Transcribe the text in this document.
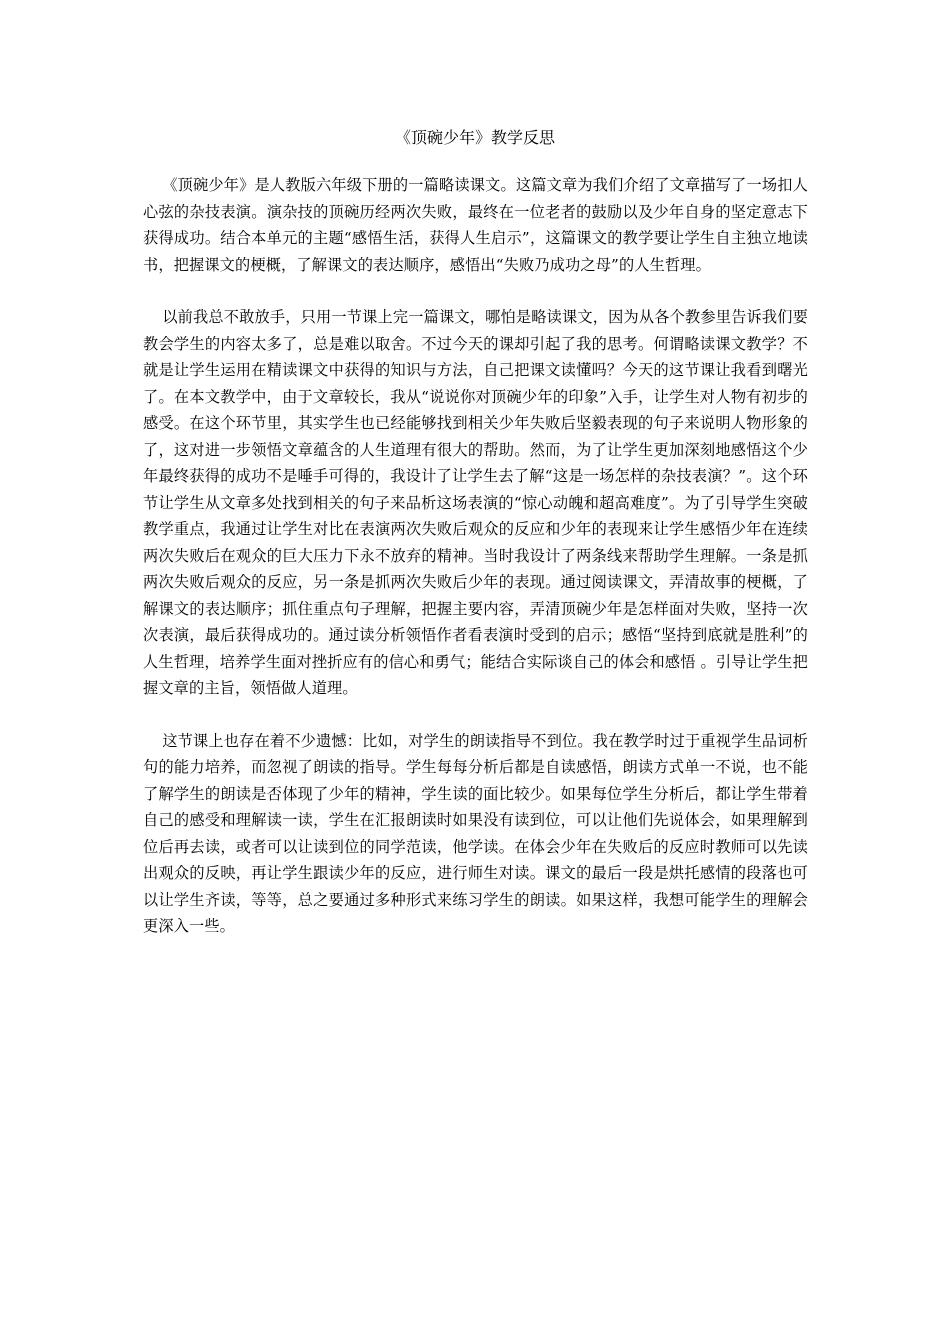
《顶碗少年》教学反思

《顶碗少年》是人教版六年级下册的一篇略读课文。这篇文章为我们介绍了文章描写了一场扣人心弦的杂技表演。演杂技的顶碗历经两次失败，最终在一位老者的鼓励以及少年自身的坚定意志下获得成功。结合本单元的主题“感悟生活，获得人生启示”，这篇课文的教学要让学生自主独立地读书，把握课文的梗概，了解课文的表达顺序，感悟出“失败乃成功之母”的人生哲理。

以前我总不敢放手，只用一节课上完一篇课文，哪怕是略读课文，因为从各个教参里告诉我们要教会学生的内容太多了，总是难以取舍。不过今天的课却引起了我的思考。何谓略读课文教学？不就是让学生运用在精读课文中获得的知识与方法，自己把课文读懂吗？今天的这节课让我看到曙光了。在本文教学中，由于文章较长，我从“说说你对顶碗少年的印象”入手，让学生对人物有初步的感受。在这个环节里，其实学生也已经能够找到相关少年失败后坚毅表现的句子来说明人物形象的了，这对进一步领悟文章蕴含的人生道理有很大的帮助。然而，为了让学生更加深刻地感悟这个少年最终获得的成功不是唾手可得的，我设计了让学生去了解“这是一场怎样的杂技表演？”。这个环节让学生从文章多处找到相关的句子来品析这场表演的“惊心动魄和超高难度”。为了引导学生突破教学重点，我通过让学生对比在表演两次失败后观众的反应和少年的表现来让学生感悟少年在连续两次失败后在观众的巨大压力下永不放弃的精神。当时我设计了两条线来帮助学生理解。一条是抓两次失败后观众的反应，另一条是抓两次失败后少年的表现。通过阅读课文，弄清故事的梗概，了解课文的表达顺序；抓住重点句子理解，把握主要内容，弄清顶碗少年是怎样面对失败，坚持一次次表演，最后获得成功的。通过读分析领悟作者看表演时受到的启示；感悟“坚持到底就是胜利”的人生哲理，培养学生面对挫折应有的信心和勇气；能结合实际谈自己的体会和感悟 。引导让学生把握文章的主旨，领悟做人道理。

这节课上也存在着不少遗憾：比如，对学生的朗读指导不到位。我在教学时过于重视学生品词析句的能力培养，而忽视了朗读的指导。学生每每分析后都是自读感悟，朗读方式单一不说，也不能了解学生的朗读是否体现了少年的精神，学生读的面比较少。如果每位学生分析后，都让学生带着自己的感受和理解读一读，学生在汇报朗读时如果没有读到位，可以让他们先说体会，如果理解到位后再去读，或者可以让读到位的同学范读，他学读。在体会少年在失败后的反应时教师可以先读出观众的反映，再让学生跟读少年的反应，进行师生对读。课文的最后一段是烘托感情的段落也可以让学生齐读，等等，总之要通过多种形式来练习学生的朗读。如果这样，我想可能学生的理解会更深入一些。
